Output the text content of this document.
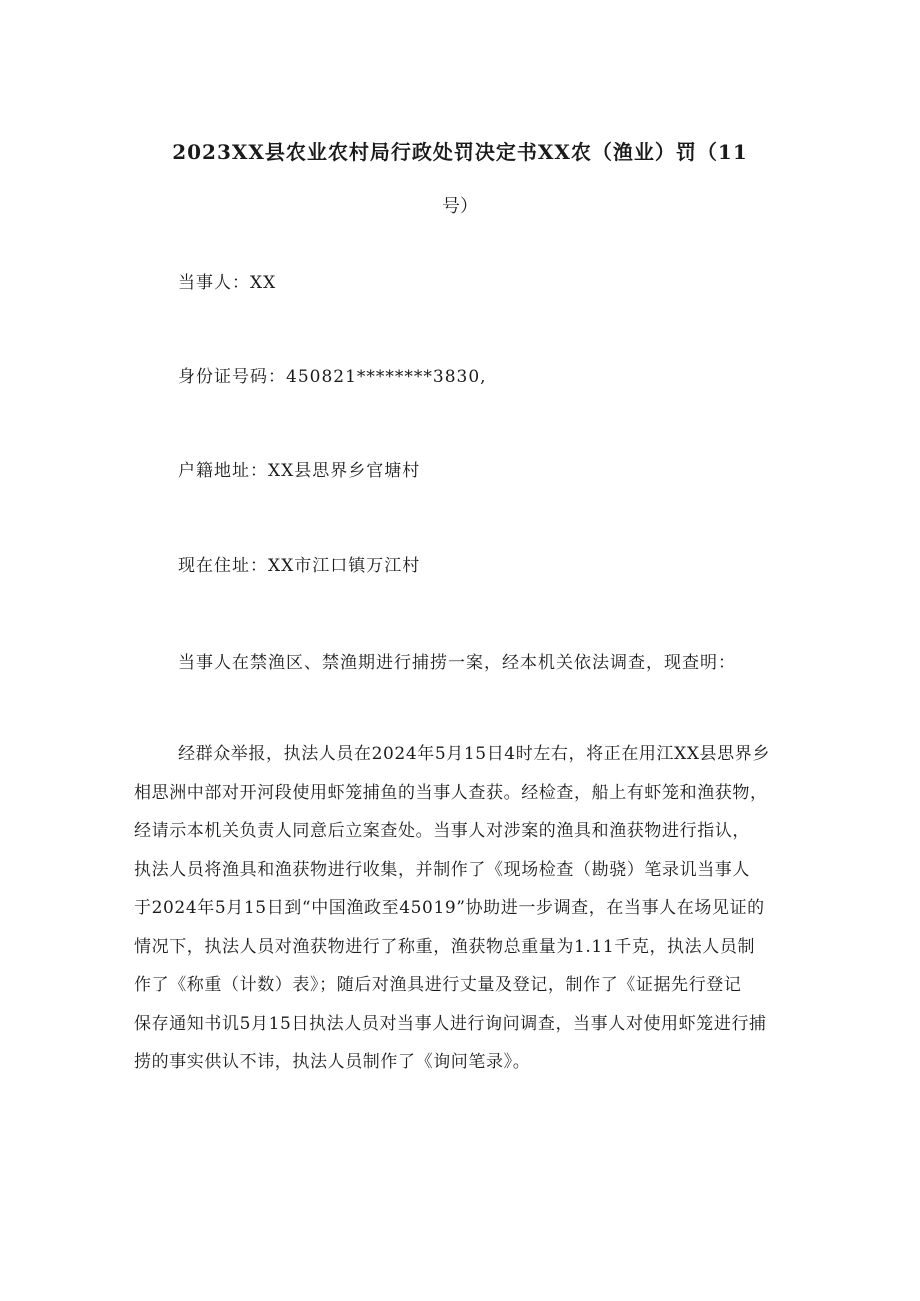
2023XX县农业农村局行政处罚决定书XX农（渔业）罚（11
号）
当事人：XX
身份证号码：450821********3830,
户籍地址：XX县思界乡官塘村
现在住址：XX市江口镇万江村
当事人在禁渔区、禁渔期进行捕捞一案，经本机关依法调查，现查明：
经群众举报，执法人员在2024年5月15日4时左右，将正在用江XX县思界乡
相思洲中部对开河段使用虾笼捕鱼的当事人查获。经检查，船上有虾笼和渔获物，
经请示本机关负责人同意后立案查处。当事人对涉案的渔具和渔获物进行指认，
执法人员将渔具和渔获物进行收集，并制作了《现场检查（勘骁）笔录讥当事人
于2024年5月15日到“中国渔政至45019”协助进一步调查，在当事人在场见证的
情况下，执法人员对渔获物进行了称重，渔获物总重量为1.11千克，执法人员制
作了《称重（计数）表》；随后对渔具进行丈量及登记，制作了《证据先行登记
保存通知书讥5月15日执法人员对当事人进行询问调查，当事人对使用虾笼进行捕
捞的事实供认不讳，执法人员制作了《询问笔录》。
